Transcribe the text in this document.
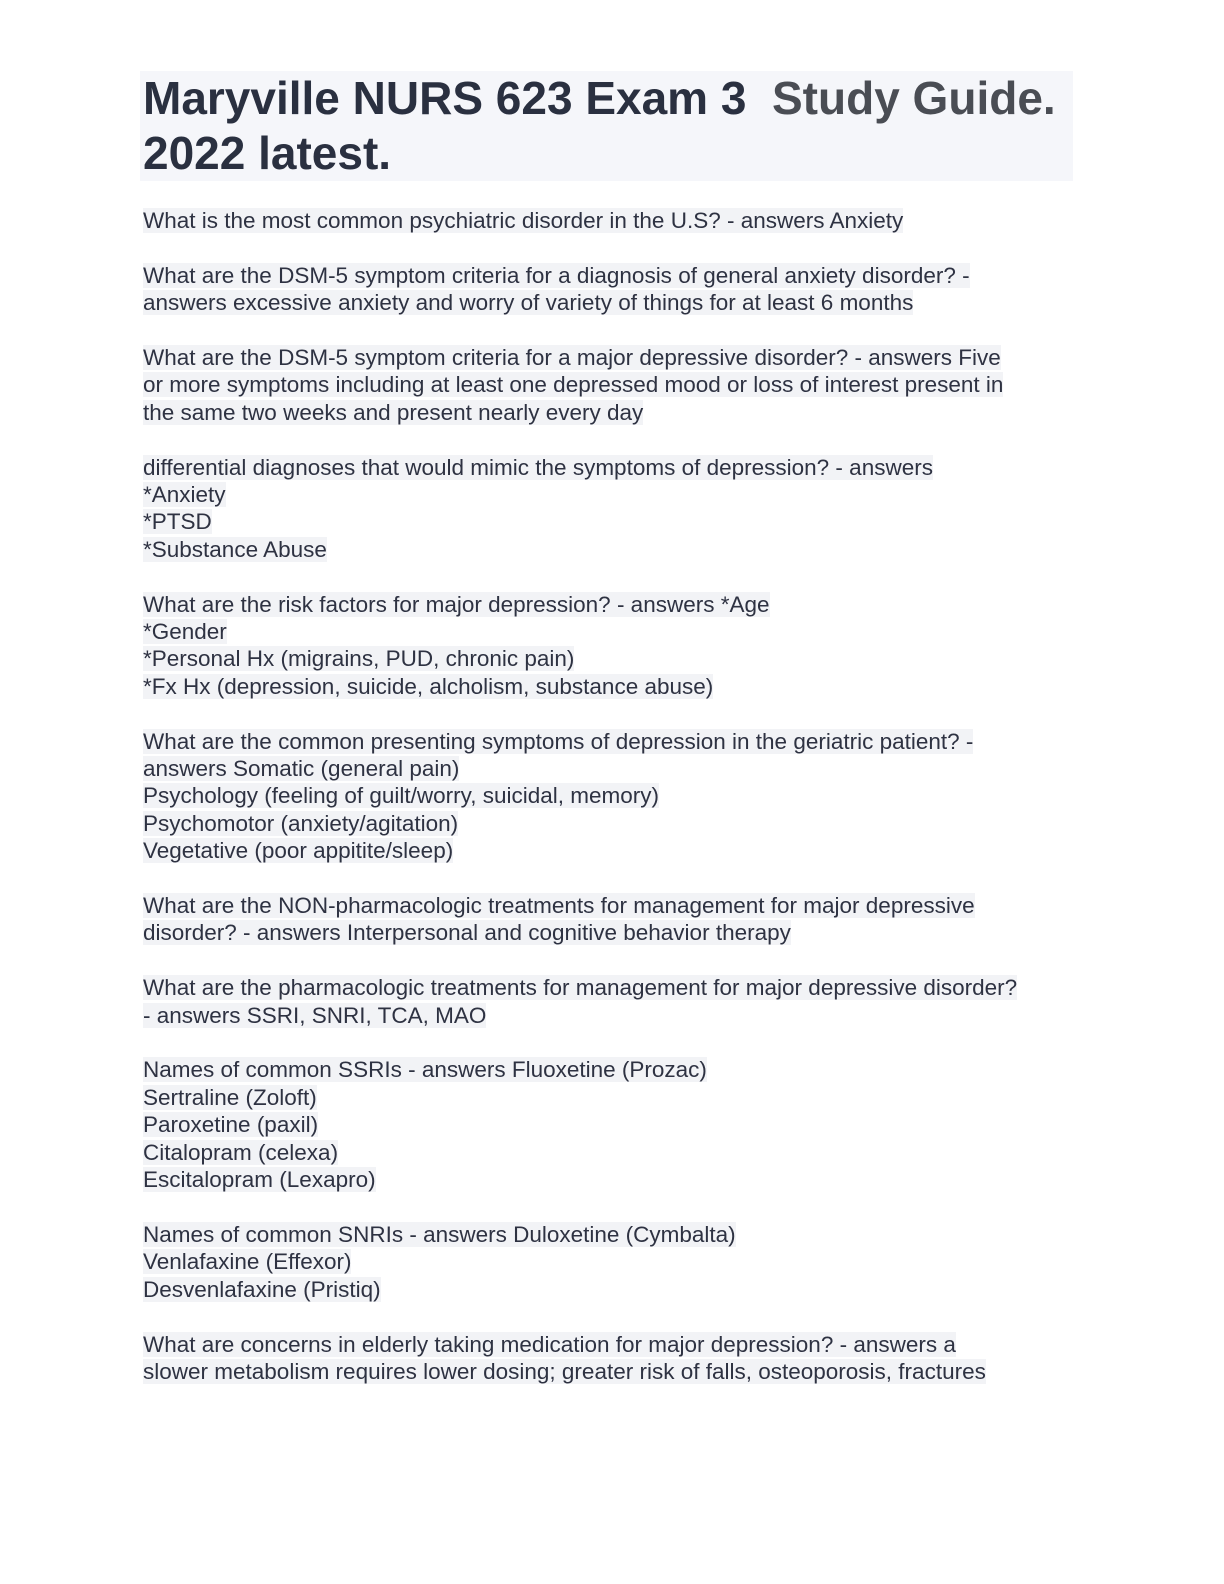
Maryville NURS 623 Exam 3 Study Guide.
2022 latest.
What is the most common psychiatric disorder in the U.S? - answers Anxiety
What are the DSM-5 symptom criteria for a diagnosis of general anxiety disorder? -
answers excessive anxiety and worry of variety of things for at least 6 months
What are the DSM-5 symptom criteria for a major depressive disorder? - answers Five
or more symptoms including at least one depressed mood or loss of interest present in
the same two weeks and present nearly every day
differential diagnoses that would mimic the symptoms of depression? - answers
*Anxiety
*PTSD
*Substance Abuse
What are the risk factors for major depression? - answers *Age
*Gender
*Personal Hx (migrains, PUD, chronic pain)
*Fx Hx (depression, suicide, alcholism, substance abuse)
What are the common presenting symptoms of depression in the geriatric patient? -
answers Somatic (general pain)
Psychology (feeling of guilt/worry, suicidal, memory)
Psychomotor (anxiety/agitation)
Vegetative (poor appitite/sleep)
What are the NON-pharmacologic treatments for management for major depressive
disorder? - answers Interpersonal and cognitive behavior therapy
What are the pharmacologic treatments for management for major depressive disorder?
- answers SSRI, SNRI, TCA, MAO
Names of common SSRIs - answers Fluoxetine (Prozac)
Sertraline (Zoloft)
Paroxetine (paxil)
Citalopram (celexa)
Escitalopram (Lexapro)
Names of common SNRIs - answers Duloxetine (Cymbalta)
Venlafaxine (Effexor)
Desvenlafaxine (Pristiq)
What are concerns in elderly taking medication for major depression? - answers a
slower metabolism requires lower dosing; greater risk of falls, osteoporosis, fractures
